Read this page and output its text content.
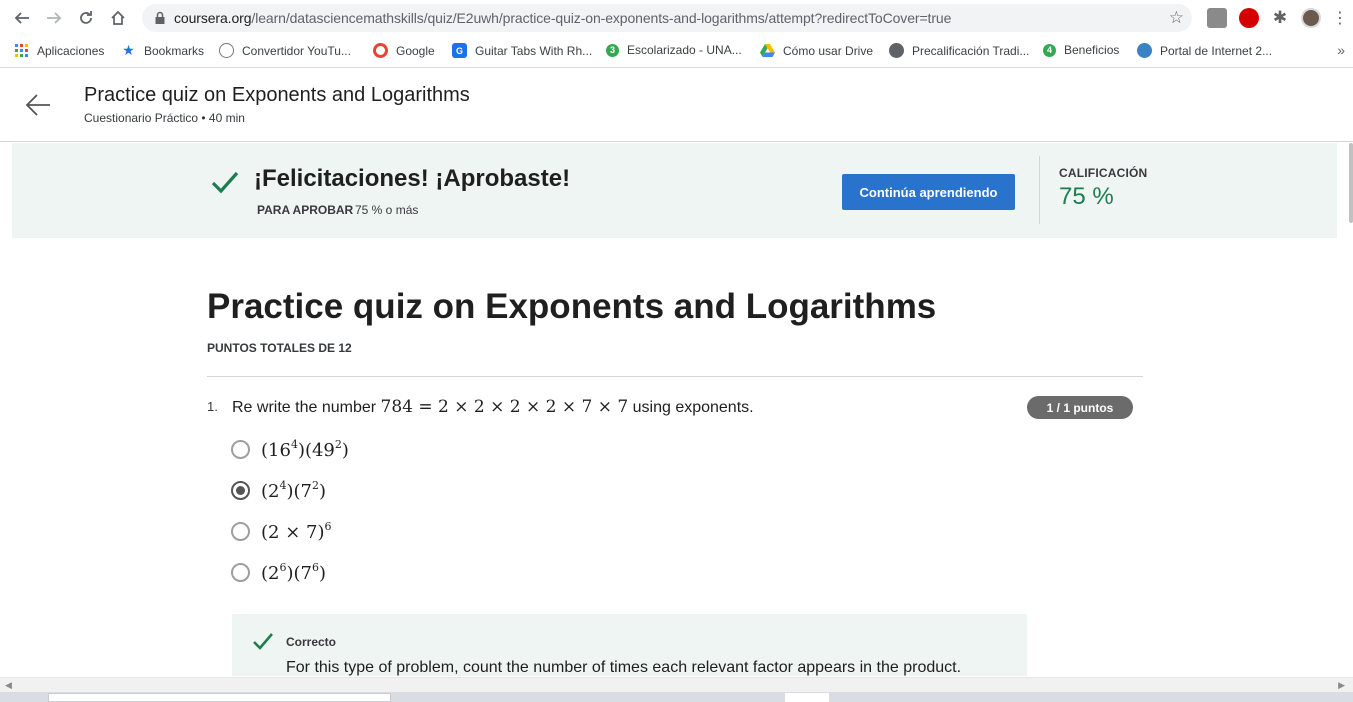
coursera.org/learn/datasciencemathskills/quiz/E2uwh/practice-quiz-on-exponents-and-logarithms/attempt?redirectToCover=true	☆	✱	⋮
Aplicaciones ★ Bookmarks	Convertidor YouTu...	Google	G	Guitar Tabs With Rh...	3	Escolarizado - UNA...	Cómo usar Drive	Precalificación Tradi...	4	Beneficios	Portal de Internet 2...	»
Practice quiz on Exponents and Logarithms
Cuestionario Práctico • 40 min
¡Felicitaciones! ¡Aprobaste!
PARA APROBAR 75 % o más
Continúa aprendiendo
CALIFICACIÓN
75 %
Practice quiz on Exponents and Logarithms
PUNTOS TOTALES DE 12
1. Re write the number 784 = 2 × 2 × 2 × 2 × 7 × 7 using exponents.	1 / 1 puntos
$(16^4)(49^2)$
$(2^4)(7^2)$
$(2 \times 7)^6$
$(2^6)(7^6)$
Correcto
For this type of problem, count the number of times each relevant factor appears in the product.
◀	▶
